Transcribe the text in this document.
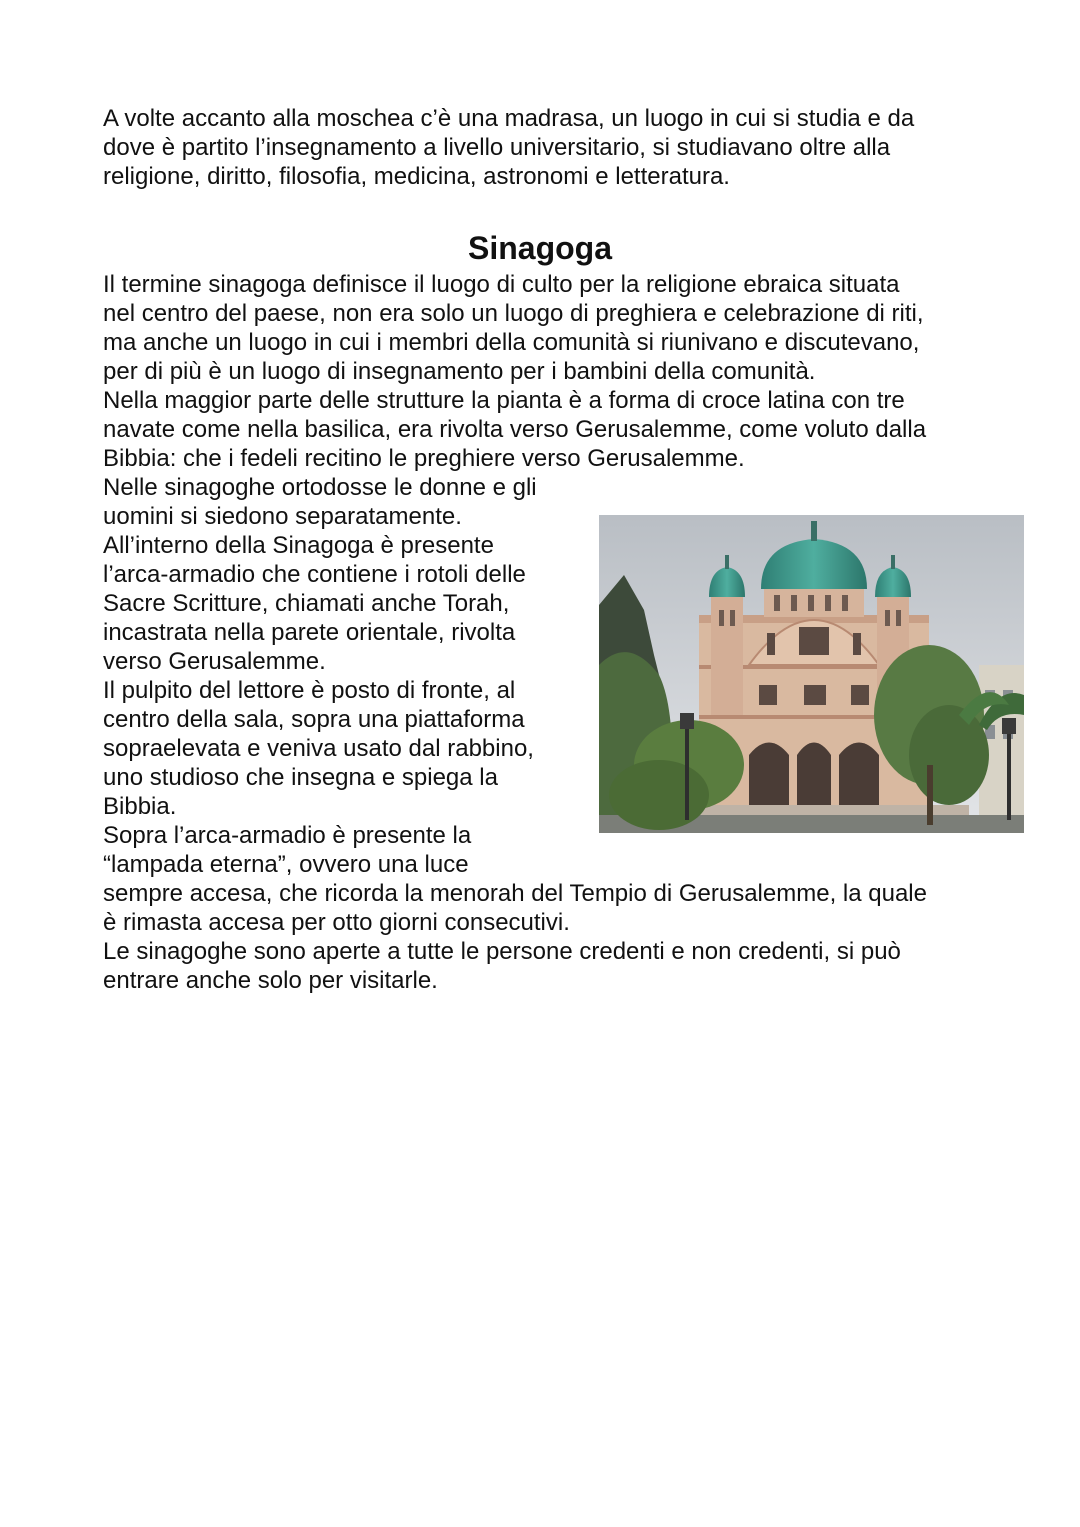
A volte accanto alla moschea c’è una madrasa, un luogo in cui si studia e da
dove è partito l’insegnamento a livello universitario, si studiavano oltre alla
religione, diritto, filosofia, medicina, astronomi e letteratura.

Sinagoga

Il termine sinagoga definisce il luogo di culto per la religione ebraica situata
nel centro del paese, non era solo un luogo di preghiera e celebrazione di riti,
ma anche un luogo in cui i membri della comunità si riunivano e discutevano,
per di più è un luogo di insegnamento per i bambini della comunità.
Nella maggior parte delle strutture la pianta è a forma di croce latina con tre
navate come nella basilica, era rivolta verso Gerusalemme, come voluto dalla
Bibbia: che i fedeli recitino le preghiere verso Gerusalemme.
Nelle sinagoghe ortodosse le donne e gli
uomini si siedono separatamente.
All’interno della Sinagoga è presente
l’arca-armadio che contiene i rotoli delle
Sacre Scritture, chiamati anche Torah,
incastrata nella parete orientale, rivolta
verso Gerusalemme.
Il pulpito del lettore è posto di fronte, al
centro della sala, sopra una piattaforma
sopraelevata e veniva usato dal rabbino,
uno studioso che insegna e spiega la
Bibbia.
Sopra l’arca-armadio è presente la
“lampada eterna”, ovvero una luce
sempre accesa, che ricorda la menorah del Tempio di Gerusalemme, la quale
è rimasta accesa per otto giorni consecutivi.
Le sinagoghe sono aperte a tutte le persone credenti e non credenti, si può
entrare anche solo per visitarle.
